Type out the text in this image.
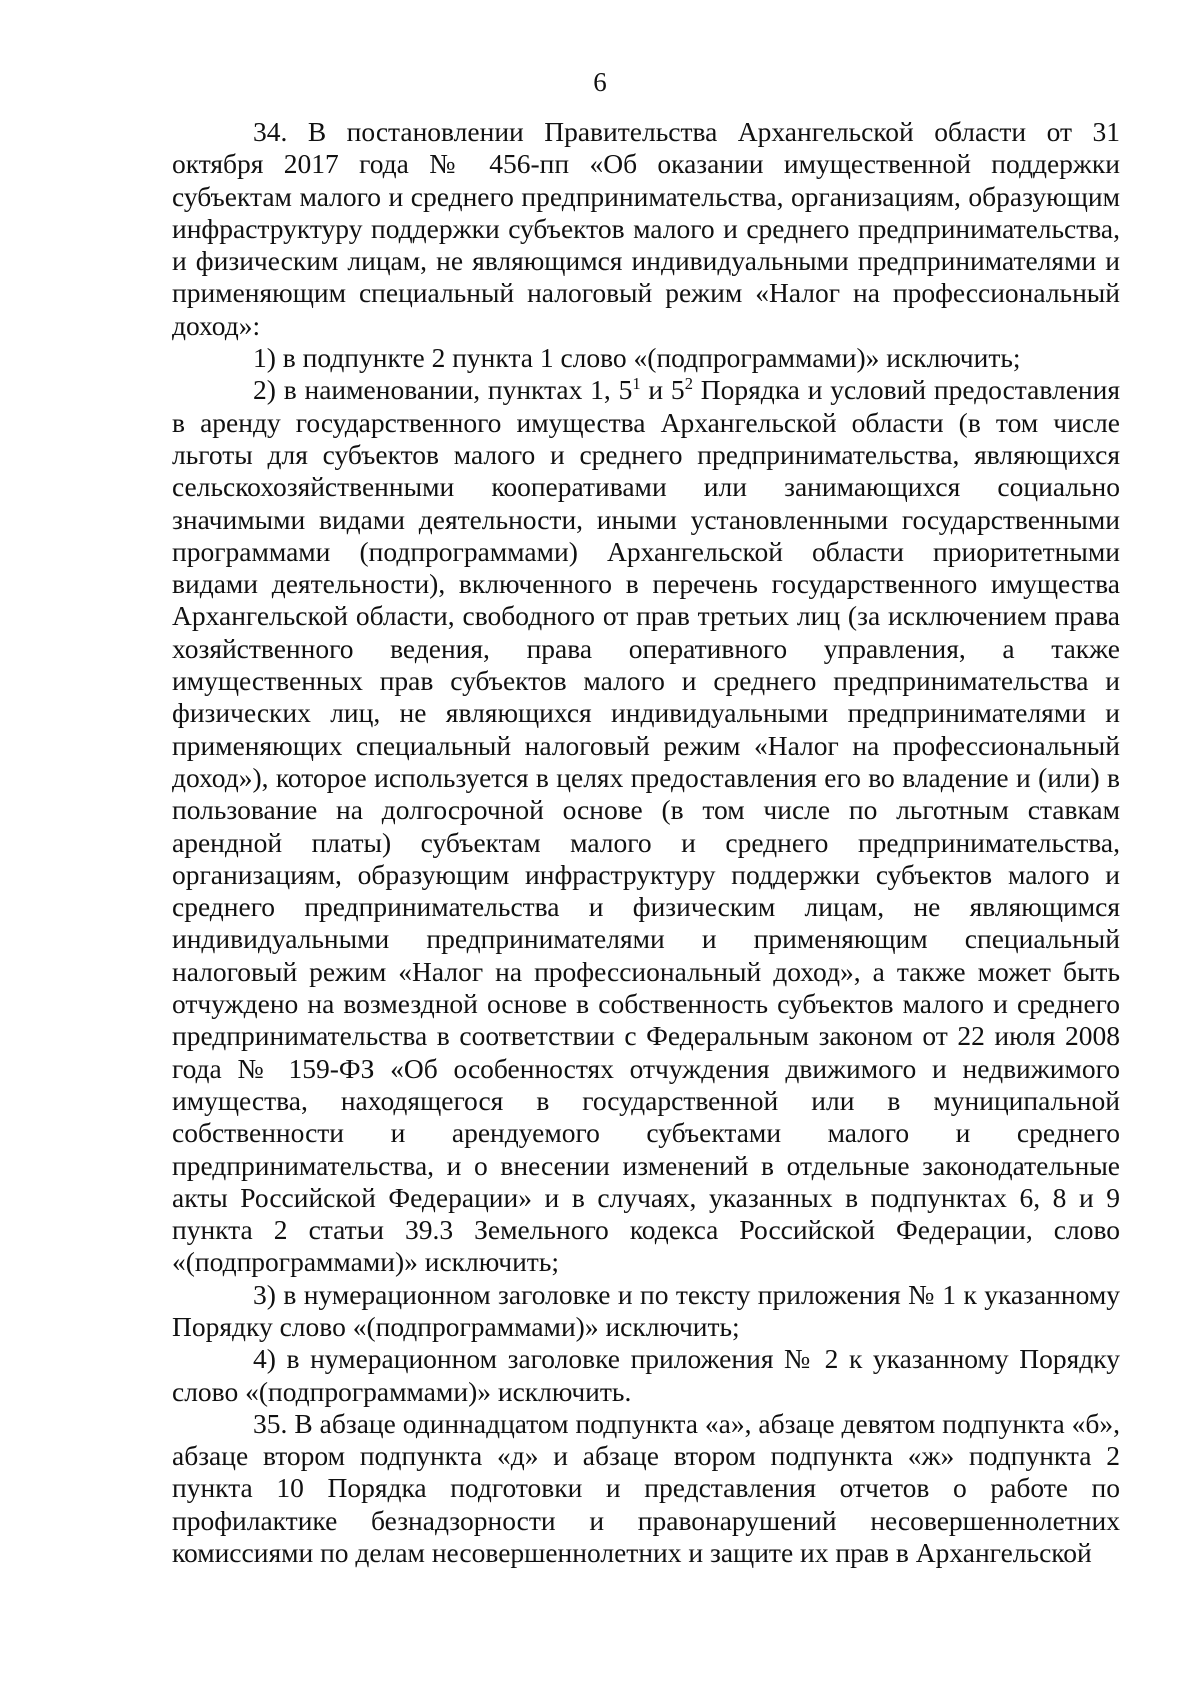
6

34. В постановлении Правительства Архангельской области от 31 октября 2017 года № 456-пп «Об оказании имущественной поддержки субъектам малого и среднего предпринимательства, организациям, образующим инфраструктуру поддержки субъектов малого и среднего предпринимательства, и физическим лицам, не являющимся индивидуальными предпринимателями и применяющим специальный налоговый режим «Налог на профессиональный доход»:

1) в подпункте 2 пункта 1 слово «(подпрограммами)» исключить;

2) в наименовании, пунктах 1, $5^1$ и $5^2$ Порядка и условий предоставления в аренду государственного имущества Архангельской области (в том числе льготы для субъектов малого и среднего предпринимательства, являющихся сельскохозяйственными кооперативами или занимающихся социально значимыми видами деятельности, иными установленными государственными программами (подпрограммами) Архангельской области приоритетными видами деятельности), включенного в перечень государственного имущества Архангельской области, свободного от прав третьих лиц (за исключением права хозяйственного ведения, права оперативного управления, а также имущественных прав субъектов малого и среднего предпринимательства и физических лиц, не являющихся индивидуальными предпринимателями и применяющих специальный налоговый режим «Налог на профессиональный доход»), которое используется в целях предоставления его во владение и (или) в пользование на долгосрочной основе (в том числе по льготным ставкам арендной платы) субъектам малого и среднего предпринимательства, организациям, образующим инфраструктуру поддержки субъектов малого и среднего предпринимательства и физическим лицам, не являющимся индивидуальными предпринимателями и применяющим специальный налоговый режим «Налог на профессиональный доход», а также может быть отчуждено на возмездной основе в собственность субъектов малого и среднего предпринимательства в соответствии с Федеральным законом от 22 июля 2008 года № 159-ФЗ «Об особенностях отчуждения движимого и недвижимого имущества, находящегося в государственной или в муниципальной собственности и арендуемого субъектами малого и среднего предпринимательства, и о внесении изменений в отдельные законодательные акты Российской Федерации» и в случаях, указанных в подпунктах 6, 8 и 9 пункта 2 статьи 39.3 Земельного кодекса Российской Федерации, слово «(подпрограммами)» исключить;

3) в нумерационном заголовке и по тексту приложения № 1 к указанному Порядку слово «(подпрограммами)» исключить;

4) в нумерационном заголовке приложения № 2 к указанному Порядку слово «(подпрограммами)» исключить.

35. В абзаце одиннадцатом подпункта «а», абзаце девятом подпункта «б», абзаце втором подпункта «д» и абзаце втором подпункта «ж» подпункта 2 пункта 10 Порядка подготовки и представления отчетов о работе по профилактике безнадзорности и правонарушений несовершеннолетних комиссиями по делам несовершеннолетних и защите их прав в Архангельской
